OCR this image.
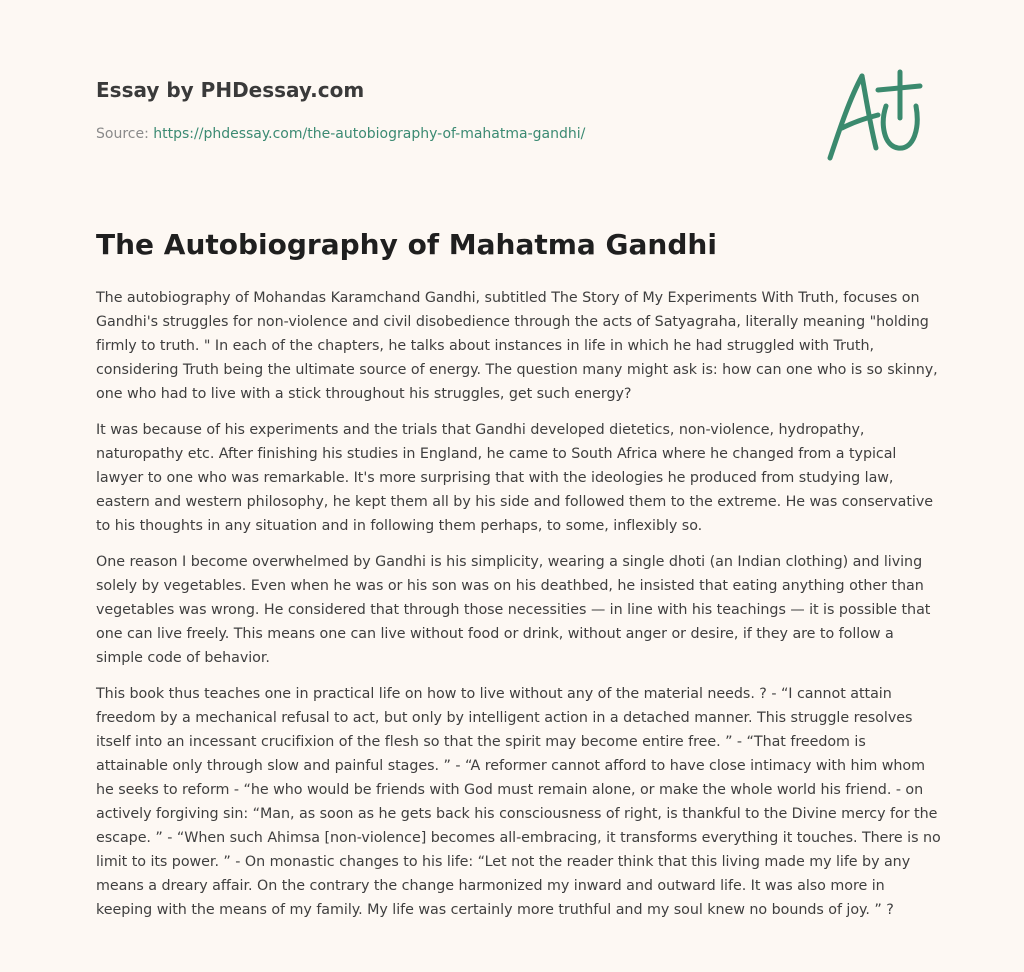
Essay by PHDessay.com
Source: https://phdessay.com/the-autobiography-of-mahatma-gandhi/
The Autobiography of Mahatma Gandhi

The autobiography of Mohandas Karamchand Gandhi, subtitled The Story of My Experiments With Truth, focuses on Gandhi's struggles for non-violence and civil disobedience through the acts of Satyagraha, literally meaning "holding firmly to truth. " In each of the chapters, he talks about instances in life in which he had struggled with Truth, considering Truth being the ultimate source of energy. The question many might ask is: how can one who is so skinny, one who had to live with a stick throughout his struggles, get such energy?

It was because of his experiments and the trials that Gandhi developed dietetics, non-violence, hydropathy, naturopathy etc. After finishing his studies in England, he came to South Africa where he changed from a typical lawyer to one who was remarkable. It's more surprising that with the ideologies he produced from studying law, eastern and western philosophy, he kept them all by his side and followed them to the extreme. He was conservative to his thoughts in any situation and in following them perhaps, to some, inflexibly so.

One reason I become overwhelmed by Gandhi is his simplicity, wearing a single dhoti (an Indian clothing) and living solely by vegetables. Even when he was or his son was on his deathbed, he insisted that eating anything other than vegetables was wrong. He considered that through those necessities — in line with his teachings — it is possible that one can live freely. This means one can live without food or drink, without anger or desire, if they are to follow a simple code of behavior.

This book thus teaches one in practical life on how to live without any of the material needs. ? - “I cannot attain freedom by a mechanical refusal to act, but only by intelligent action in a detached manner. This struggle resolves itself into an incessant crucifixion of the flesh so that the spirit may become entire free. ” - “That freedom is attainable only through slow and painful stages. ” - “A reformer cannot afford to have close intimacy with him whom he seeks to reform - “he who would be friends with God must remain alone, or make the whole world his friend. - on actively forgiving sin: “Man, as soon as he gets back his consciousness of right, is thankful to the Divine mercy for the escape. ” - “When such Ahimsa [non-violence] becomes all-embracing, it transforms everything it touches. There is no limit to its power. ” - On monastic changes to his life: “Let not the reader think that this living made my life by any means a dreary affair. On the contrary the change harmonized my inward and outward life. It was also more in keeping with the means of my family. My life was certainly more truthful and my soul knew no bounds of joy. ” ?
